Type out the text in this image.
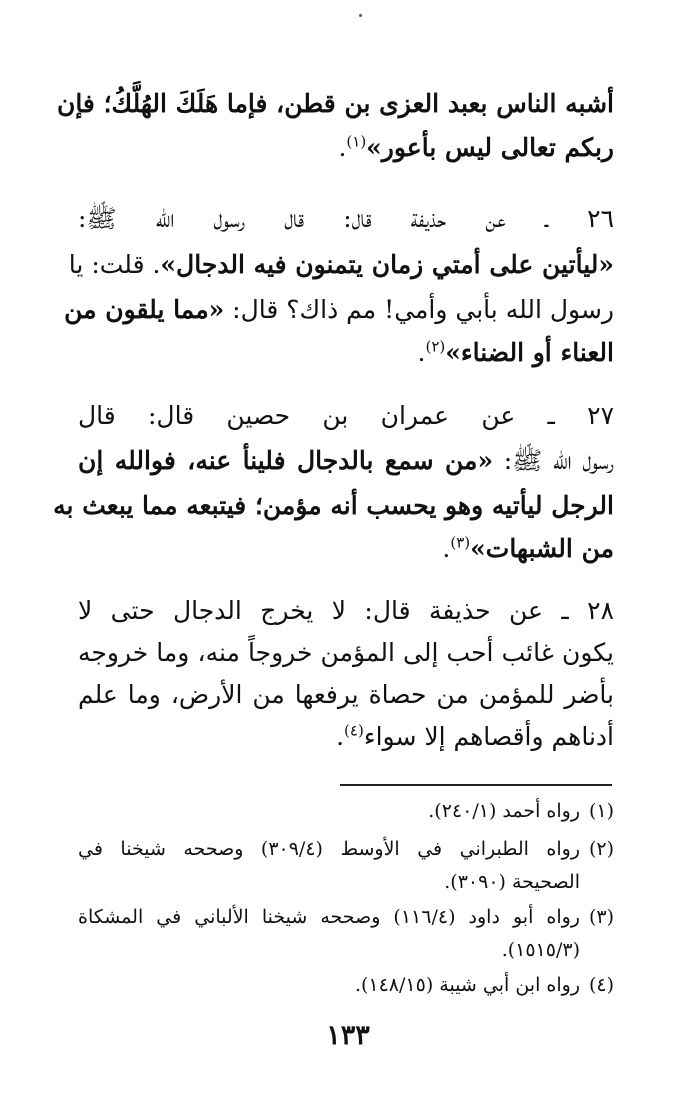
أشبه الناس بعبد العزى بن قطن، فإما هَلَكَ الهُلَّكُ؛ فإن
ربكم تعالى ليس بأعور»$^{(١)}$.
٢٦ ـ عن حذيفة قال: قال رسول الله ﷺ:
«ليأتين على أمتي زمان يتمنون فيه الدجال». قلت: يا
رسول الله بأبي وأمي! مم ذاك؟ قال: «مما يلقون من
العناء أو الضناء»$^{(٢)}$.
٢٧ ـ عن عمران بن حصين قال: قال
رسول الله ﷺ: «من سمع بالدجال فلينأ عنه، فوالله إن
الرجل ليأتيه وهو يحسب أنه مؤمن؛ فيتبعه مما يبعث به
من الشبهات»$^{(٣)}$.
٢٨ ـ عن حذيفة قال: لا يخرج الدجال حتى لا
يكون غائب أحب إلى المؤمن خروجاً منه، وما خروجه
بأضر للمؤمن من حصاة يرفعها من الأرض، وما علم
أدناهم وأقصاهم إلا سواء$^{(٤)}$.
(١)رواه أحمد (٢٤٠/١).
(٢)رواه الطبراني في الأوسط (٣٠٩/٤) وصححه شيخنا في
الصحيحة (٣٠٩٠).
(٣)رواه أبو داود (١١٦/٤) وصححه شيخنا الألباني في المشكاة
(١٥١٥/٣).
(٤)رواه ابن أبي شيبة (١٤٨/١٥).
١٣٣
